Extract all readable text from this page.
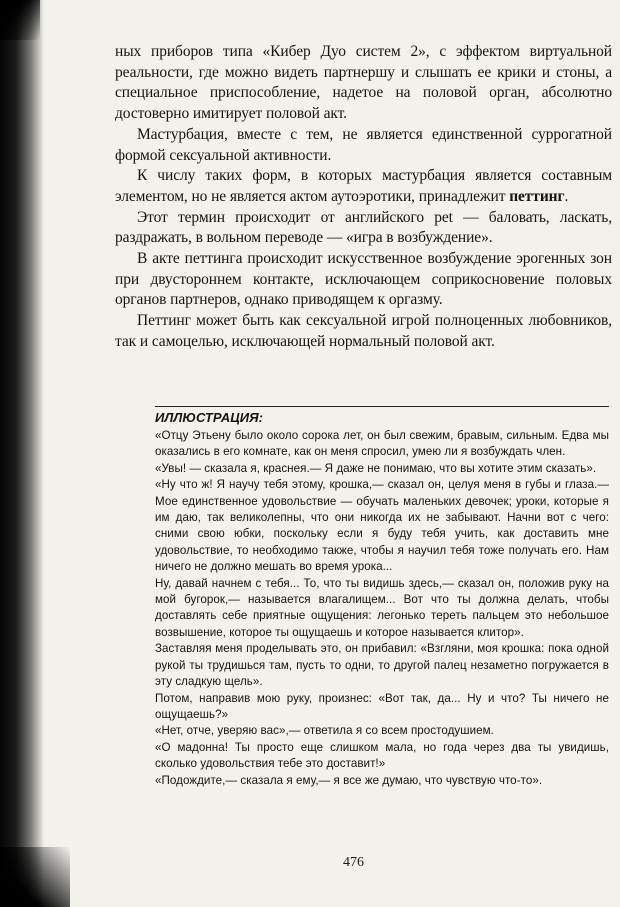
ных приборов типа «Кибер Дуо систем 2», с эффектом виртуальной реальности, где можно видеть партнершу и слышать ее крики и стоны, а специальное приспособление, надетое на половой орган, абсолютно достоверно имитирует половой акт.

Мастурбация, вместе с тем, не является единственной суррогатной формой сексуальной активности.

К числу таких форм, в которых мастурбация является составным элементом, но не является актом аутоэротики, принадлежит петтинг.

Этот термин происходит от английского pet — баловать, ласкать, раздражать, в вольном переводе — «игра в возбуждение».

В акте петтинга происходит искусственное возбуждение эрогенных зон при двустороннем контакте, исключающем соприкосновение половых органов партнеров, однако приводящем к оргазму.

Петтинг может быть как сексуальной игрой полноценных любовников, так и самоцелью, исключающей нормальный половой акт.

ИЛЛЮСТРАЦИЯ:

«Отцу Этьену было около сорока лет, он был свежим, бравым, сильным. Едва мы оказались в его комнате, как он меня спросил, умею ли я возбуждать член.

«Увы! — сказала я, краснея.— Я даже не понимаю, что вы хотите этим сказать».

«Ну что ж! Я научу тебя этому, крошка,— сказал он, целуя меня в губы и глаза.— Мое единственное удовольствие — обучать маленьких девочек; уроки, которые я им даю, так великолепны, что они никогда их не забывают. Начни вот с чего: сними свою юбки, поскольку если я буду тебя учить, как доставить мне удовольствие, то необходимо также, чтобы я научил тебя тоже получать его. Нам ничего не должно мешать во время урока...

Ну, давай начнем с тебя... То, что ты видишь здесь,— сказал он, положив руку на мой бугорок,— называется влагалищем... Вот что ты должна делать, чтобы доставлять себе приятные ощущения: легонько тереть пальцем это небольшое возвышение, которое ты ощущаешь и которое называется клитор».

Заставляя меня проделывать это, он прибавил: «Взгляни, моя крошка: пока одной рукой ты трудишься там, пусть то одни, то другой палец незаметно погружается в эту сладкую щель».

Потом, направив мою руку, произнес: «Вот так, да... Ну и что? Ты ничего не ощущаешь?»

«Нет, отче, уверяю вас»,— ответила я со всем простодушием.

«О мадонна! Ты просто еще слишком мала, но года через два ты увидишь, сколько удовольствия тебе это доставит!»

«Подождите,— сказала я ему,— я все же думаю, что чувствую что-то».

476
